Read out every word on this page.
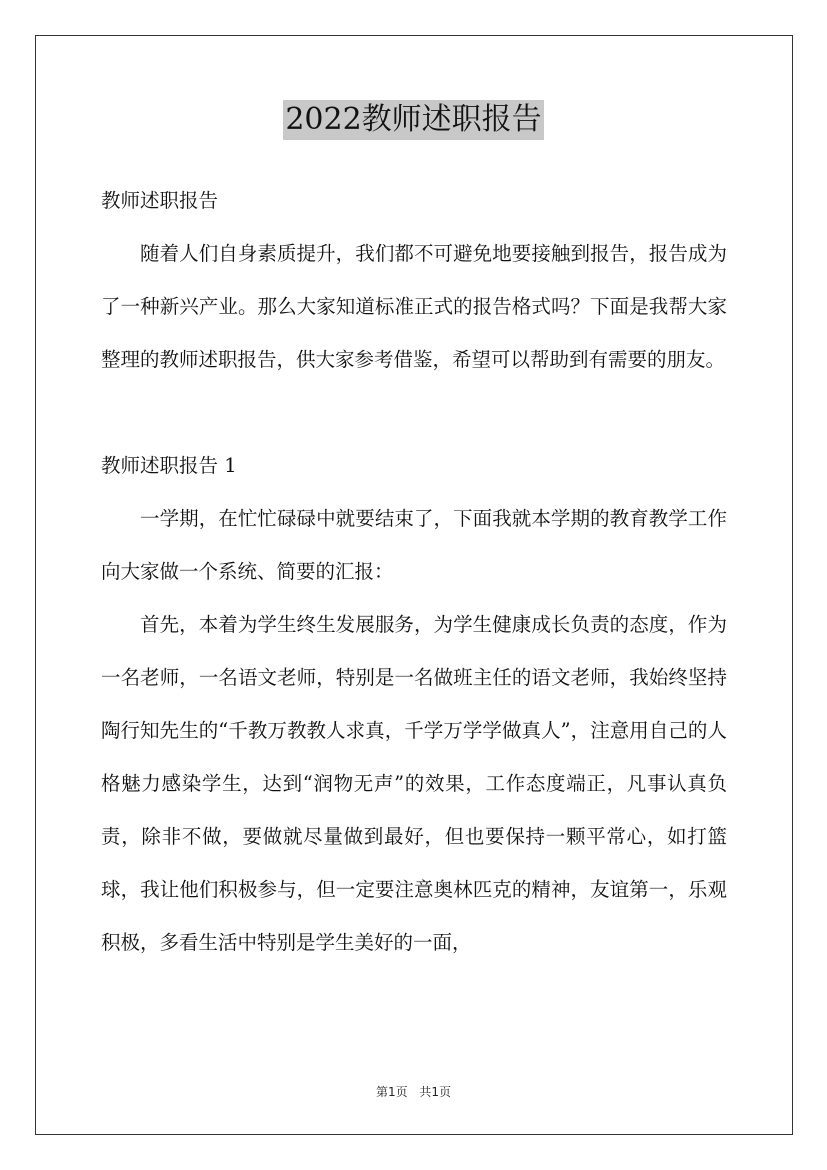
2022教师述职报告

教师述职报告

随着人们自身素质提升，我们都不可避免地要接触到报告，报告成为了一种新兴产业。那么大家知道标准正式的报告格式吗？下面是我帮大家整理的教师述职报告，供大家参考借鉴，希望可以帮助到有需要的朋友。

教师述职报告 1

一学期，在忙忙碌碌中就要结束了，下面我就本学期的教育教学工作向大家做一个系统、简要的汇报：

首先，本着为学生终生发展服务，为学生健康成长负责的态度，作为一名老师，一名语文老师，特别是一名做班主任的语文老师，我始终坚持陶行知先生的“千教万教教人求真，千学万学学做真人”，注意用自己的人格魅力感染学生，达到“润物无声”的效果，工作态度端正，凡事认真负责，除非不做，要做就尽量做到最好，但也要保持一颗平常心，如打篮球，我让他们积极参与，但一定要注意奥林匹克的精神，友谊第一，乐观积极，多看生活中特别是学生美好的一面，

第1页 共1页
